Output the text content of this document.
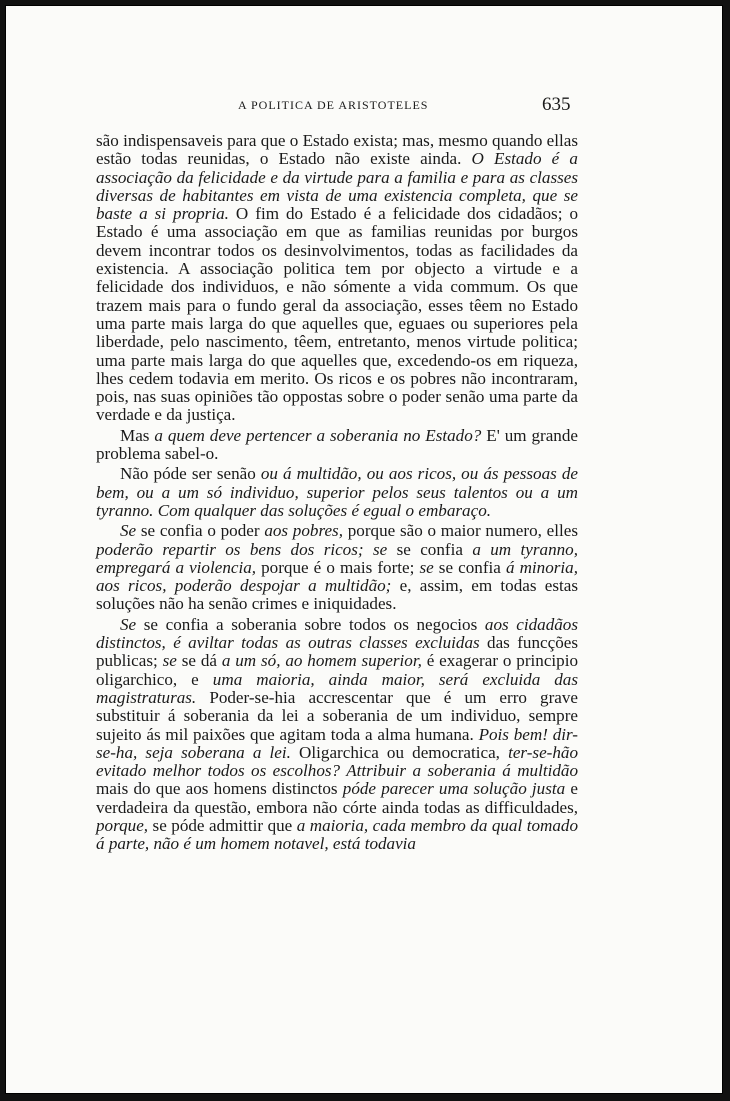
A POLITICA DE ARISTOTELES	635

são indispensaveis para que o Estado exista; mas, mesmo quando ellas estão todas reunidas, o Estado não existe ainda. O Estado é a associação da felicidade e da virtude para a familia e para as classes diversas de habitantes em vista de uma existencia completa, que se baste a si propria. O fim do Estado é a felicidade dos cidadãos; o Estado é uma associação em que as familias reunidas por burgos devem incontrar todos os desinvolvimentos, todas as facilidades da existencia. A associação politica tem por objecto a virtude e a felicidade dos individuos, e não sómente a vida commum. Os que trazem mais para o fundo geral da associação, esses têem no Estado uma parte mais larga do que aquelles que, eguaes ou superiores pela liberdade, pelo nascimento, têem, entretanto, menos virtude politica; uma parte mais larga do que aquelles que, excedendo-os em riqueza, lhes cedem todavia em merito. Os ricos e os pobres não incontraram, pois, nas suas opiniões tão oppostas sobre o poder senão uma parte da verdade e da justiça.

Mas a quem deve pertencer a soberania no Estado? E' um grande problema sabel-o.

Não póde ser senão ou á multidão, ou aos ricos, ou ás pessoas de bem, ou a um só individuo, superior pelos seus talentos ou a um tyranno. Com qualquer das soluções é egual o embaraço.

Se se confia o poder aos pobres, porque são o maior numero, elles poderão repartir os bens dos ricos; se se confia a um tyranno, empregará a violencia, porque é o mais forte; se se confia á minoria, aos ricos, poderão despojar a multidão; e, assim, em todas estas soluções não ha senão crimes e iniquidades.

Se se confia a soberania sobre todos os negocios aos cidadãos distinctos, é aviltar todas as outras classes excluidas das funcções publicas; se se dá a um só, ao homem superior, é exagerar o principio oligarchico, e uma maioria, ainda maior, será excluida das magistraturas. Poder-se-hia accrescentar que é um erro grave substituir á soberania da lei a soberania de um individuo, sempre sujeito ás mil paixões que agitam toda a alma humana. Pois bem! dir-se-ha, seja soberana a lei. Oligarchica ou democratica, ter-se-hão evitado melhor todos os escolhos? Attribuir a soberania á multidão mais do que aos homens distinctos póde parecer uma solução justa e verdadeira da questão, embora não córte ainda todas as difficuldades, porque, se póde admittir que a maioria, cada membro da qual tomado á parte, não é um homem notavel, está todavia
